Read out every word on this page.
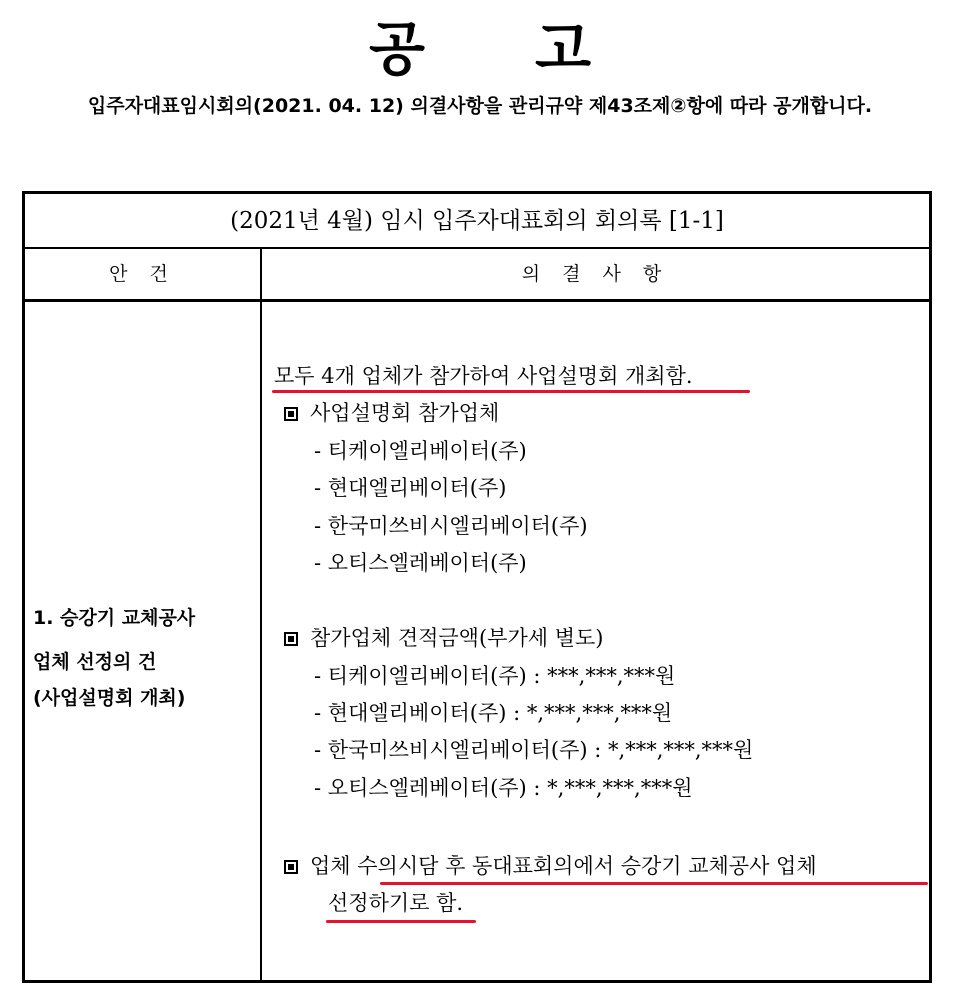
공 고
입주자대표임시회의(2021. 04. 12) 의결사항을 관리규약 제43조제②항에 따라 공개합니다.
(2021년 4월) 임시 입주자대표회의 회의록 [1-1]
안 건	의 결 사 항
1. 승강기 교체공사
업체 선정의 건
(사업설명회 개최)
모두 4개 업체가 참가하여 사업설명회 개최함.
사업설명회 참가업체
- 티케이엘리베이터(주)
- 현대엘리베이터(주)
- 한국미쓰비시엘리베이터(주)
- 오티스엘레베이터(주)
참가업체 견적금액(부가세 별도)
- 티케이엘리베이터(주) : ***,***,***원
- 현대엘리베이터(주) : *,***,***,***원
- 한국미쓰비시엘리베이터(주) : *,***,***,***원
- 오티스엘레베이터(주) : *,***,***,***원
업체 수의시담 후 동대표회의에서 승강기 교체공사 업체
선정하기로 함.
